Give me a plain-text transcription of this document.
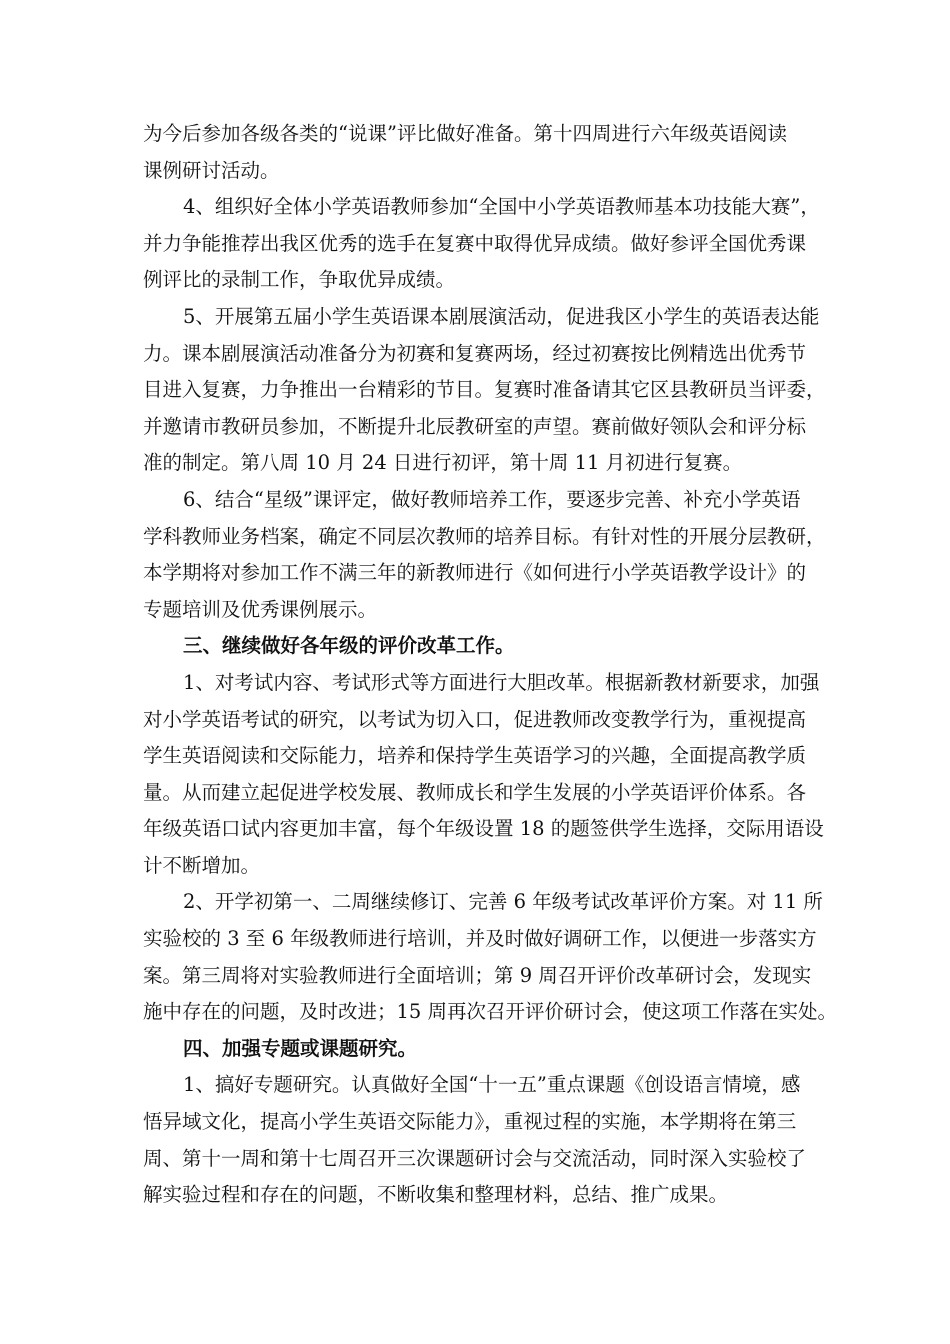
为今后参加各级各类的“说课”评比做好准备。第十四周进行六年级英语阅读
课例研讨活动。
4、组织好全体小学英语教师参加“全国中小学英语教师基本功技能大赛”，
并力争能推荐出我区优秀的选手在复赛中取得优异成绩。做好参评全国优秀课
例评比的录制工作，争取优异成绩。
5、开展第五届小学生英语课本剧展演活动，促进我区小学生的英语表达能
力。课本剧展演活动准备分为初赛和复赛两场，经过初赛按比例精选出优秀节
目进入复赛，力争推出一台精彩的节目。复赛时准备请其它区县教研员当评委，
并邀请市教研员参加，不断提升北辰教研室的声望。赛前做好领队会和评分标
准的制定。第八周 10 月 24 日进行初评，第十周 11 月初进行复赛。
6、结合“星级”课评定，做好教师培养工作，要逐步完善、补充小学英语
学科教师业务档案，确定不同层次教师的培养目标。有针对性的开展分层教研，
本学期将对参加工作不满三年的新教师进行《如何进行小学英语教学设计》的
专题培训及优秀课例展示。
三、继续做好各年级的评价改革工作。
1、对考试内容、考试形式等方面进行大胆改革。根据新教材新要求，加强
对小学英语考试的研究，以考试为切入口，促进教师改变教学行为，重视提高
学生英语阅读和交际能力，培养和保持学生英语学习的兴趣，全面提高教学质
量。从而建立起促进学校发展、教师成长和学生发展的小学英语评价体系。各
年级英语口试内容更加丰富，每个年级设置 18 的题签供学生选择，交际用语设
计不断增加。
2、开学初第一、二周继续修订、完善 6 年级考试改革评价方案。对 11 所
实验校的 3 至 6 年级教师进行培训，并及时做好调研工作，以便进一步落实方
案。第三周将对实验教师进行全面培训；第 9 周召开评价改革研讨会，发现实
施中存在的问题，及时改进；15 周再次召开评价研讨会，使这项工作落在实处。
四、加强专题或课题研究。
1、搞好专题研究。认真做好全国“十一五”重点课题《创设语言情境，感
悟异域文化，提高小学生英语交际能力》，重视过程的实施，本学期将在第三
周、第十一周和第十七周召开三次课题研讨会与交流活动，同时深入实验校了
解实验过程和存在的问题，不断收集和整理材料，总结、推广成果。
